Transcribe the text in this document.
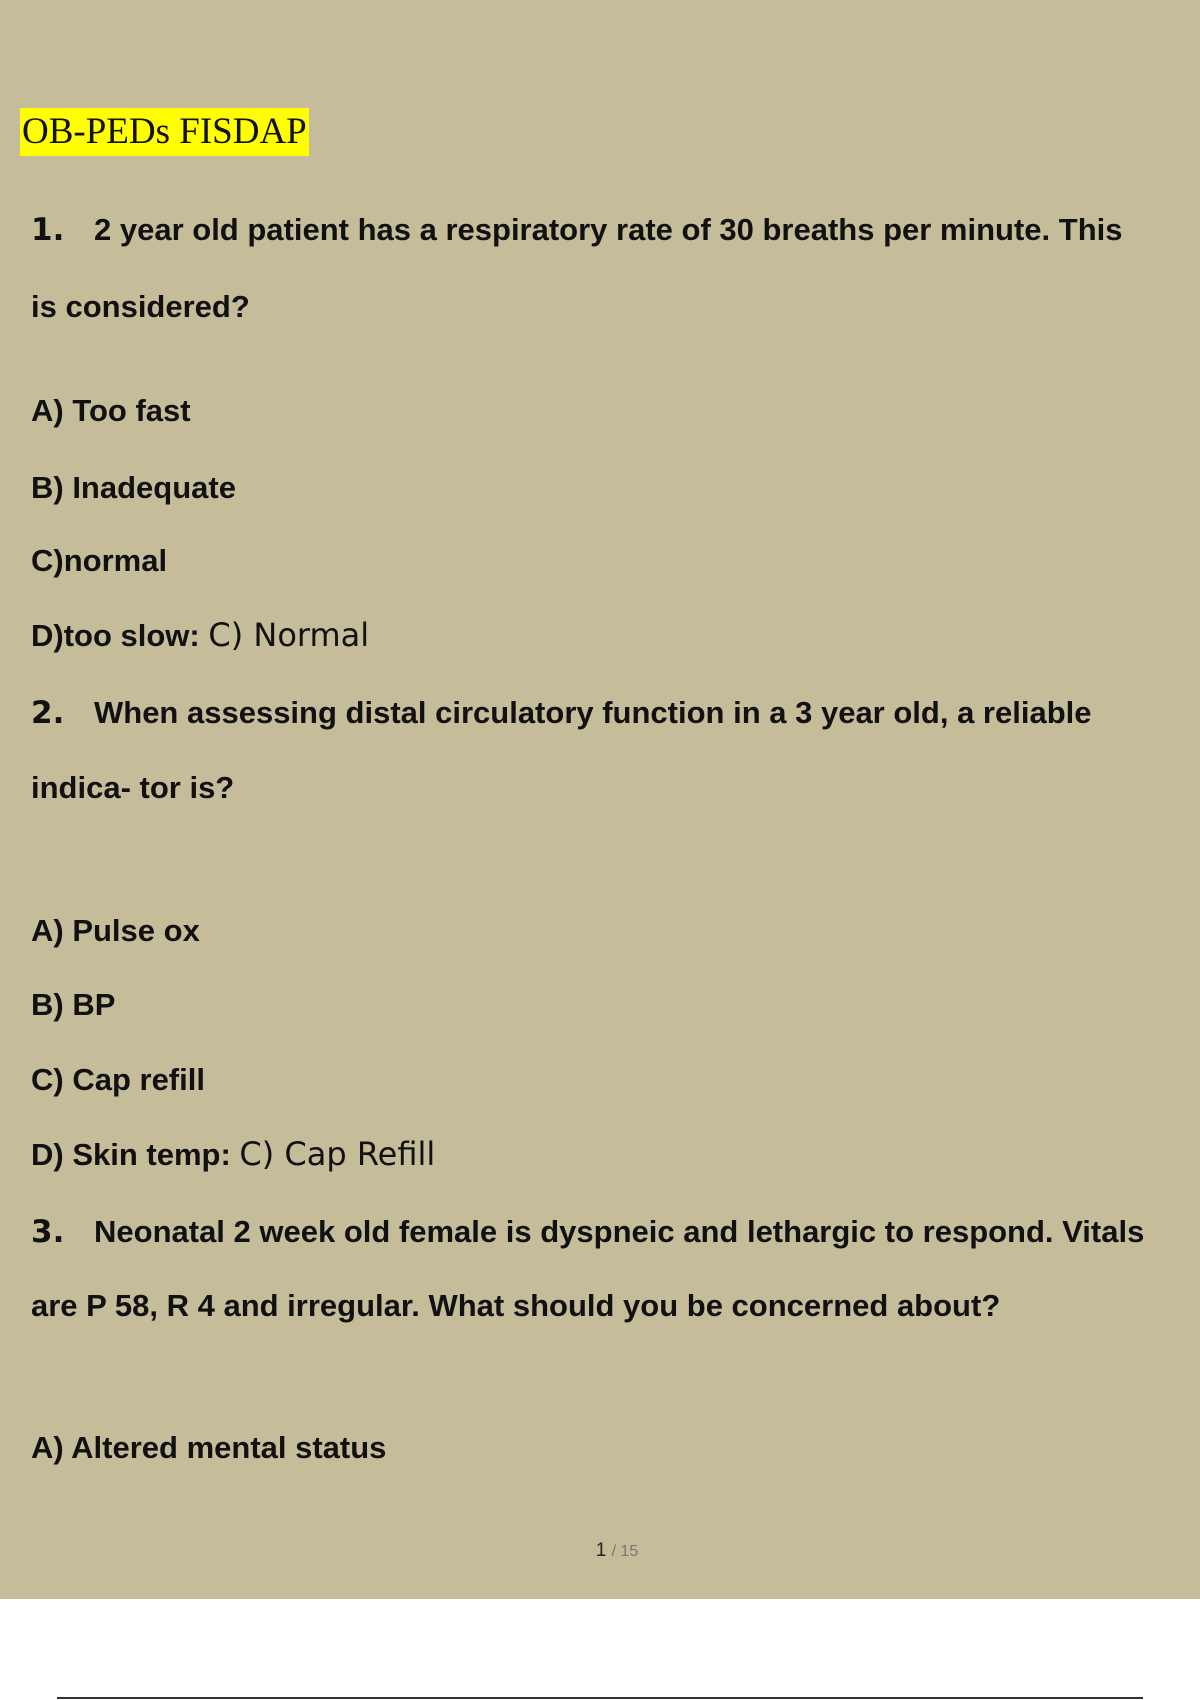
OB-PEDs FISDAP
1. 2 year old patient has a respiratory rate of 30 breaths per minute. This
is considered?
A) Too fast
B) Inadequate
C)normal
D)too slow: C) Normal
2. When assessing distal circulatory function in a 3 year old, a reliable
indica- tor is?
A) Pulse ox
B) BP
C) Cap refill
D) Skin temp: C) Cap Refill
3. Neonatal 2 week old female is dyspneic and lethargic to respond. Vitals
are P 58, R 4 and irregular. What should you be concerned about?
A) Altered mental status
1 / 15
